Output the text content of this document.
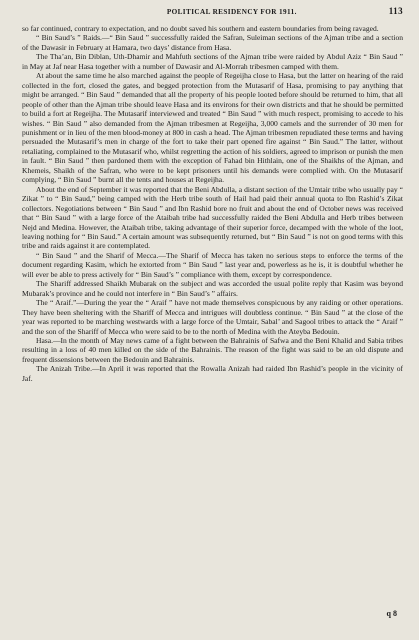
POLITICAL RESIDENCY FOR 1911.	113

so far continued, contrary to expectation, and no doubt saved his southern and eastern boundaries from being ravaged.

“ Bin Saud’s ” Raids.—“ Bin Saud ” successfully raided the Safran, Suleiman sections of the Ajman tribe and a section of the Dawasir in February at Hamara, two days’ distance from Hasa.

The Tha’an, Bin Diblan, Uth-Dhamir and Mahfuth sections of the Ajman tribe were raided by Abdul Aziz “ Bin Saud ” in May at Jaf near Hasa together with a number of Dawasir and Al-Morrah tribesmen camped with them.

At about the same time he also marched against the people of Regeijha close to Hasa, but the latter on hearing of the raid collected in the fort, closed the gates, and begged protection from the Mutasarif of Hasa, promising to pay anything that might be arranged. “ Bin Saud ” demanded that all the property of his people looted before should be returned to him, that all people of other than the Ajman tribe should leave Hasa and its environs for their own districts and that he should be permitted to build a fort at Regeijha. The Mutasarif interviewed and treated “ Bin Saud ” with much respect, promising to accede to his wishes. “ Bin Saud ” also demanded from the Ajman tribesmen at Regeijha, 3,000 camels and the surrender of 30 men for punishment or in lieu of the men blood-money at 800 in cash a head. The Ajman tribesmen repudiated these terms and having persuaded the Mutasarif’s men in charge of the fort to take their part opened fire against “ Bin Saud.” The latter, without retaliating, complained to the Mutasarif who, whilst regretting the action of his soldiers, agreed to imprison or punish the men in fault. “ Bin Saud ” then pardoned them with the exception of Fahad bin Hithlain, one of the Shaikhs of the Ajman, and Khemeis, Shaikh of the Safran, who were to be kept prisoners until his demands were complied with. On the Mutasarif complying, “ Bin Saud ” burnt all the tents and houses at Regeijha.

About the end of September it was reported that the Beni Abdulla, a distant section of the Umtair tribe who usually pay “ Zikat ” to “ Bin Saud,” being camped with the Herb tribe south of Hail had paid their annual quota to Ibn Rashid’s Zikat collectors. Negotiations between “ Bin Saud ” and Ibn Rashid bore no fruit and about the end of October news was received that “ Bin Saud ” with a large force of the Ataibah tribe had successfully raided the Beni Abdulla and Herb tribes between Nejd and Medina. However, the Ataibah tribe, taking advantage of their superior force, decamped with the whole of the loot, leaving nothing for “ Bin Saud.” A certain amount was subsequently returned, but “ Bin Saud ” is not on good terms with this tribe and raids against it are contemplated.

“ Bin Saud ” and the Sharif of Mecca.—The Sharif of Mecca has taken no serious steps to enforce the terms of the document regarding Kasim, which he extorted from “ Bin Saud ” last year and, powerless as he is, it is doubtful whether he will ever be able to press actively for “ Bin Saud’s ” compliance with them, except by correspondence.

The Shariff addressed Shaikh Mubarak on the subject and was accorded the usual polite reply that Kasim was beyond Mubarak’s province and he could not interfere in “ Bin Saud’s ” affairs.

The “ Araif.”—During the year the “ Araif ” have not made themselves conspicuous by any raiding or other operations. They have been sheltering with the Shariff of Mecca and intrigues will doubtless continue. “ Bin Saud ” at the close of the year was reported to be marching westwards with a large force of the Umtair, Sabal’ and Sagool tribes to attack the “ Araif ” and the son of the Shariff of Mecca who were said to be to the north of Medina with the Ateyba Bedouin.

Hasa.—In the month of May news came of a fight between the Bahrainis of Safwa and the Beni Khalid and Sabia tribes resulting in a loss of 40 men killed on the side of the Bahrainis. The reason of the fight was said to be an old dispute and frequent dissensions between the Bedouin and Bahrainis.

The Anizah Tribe.—In April it was reported that the Rowalla Anizah had raided Ibn Rashid’s people in the vicinity of Jaf.

q 8
